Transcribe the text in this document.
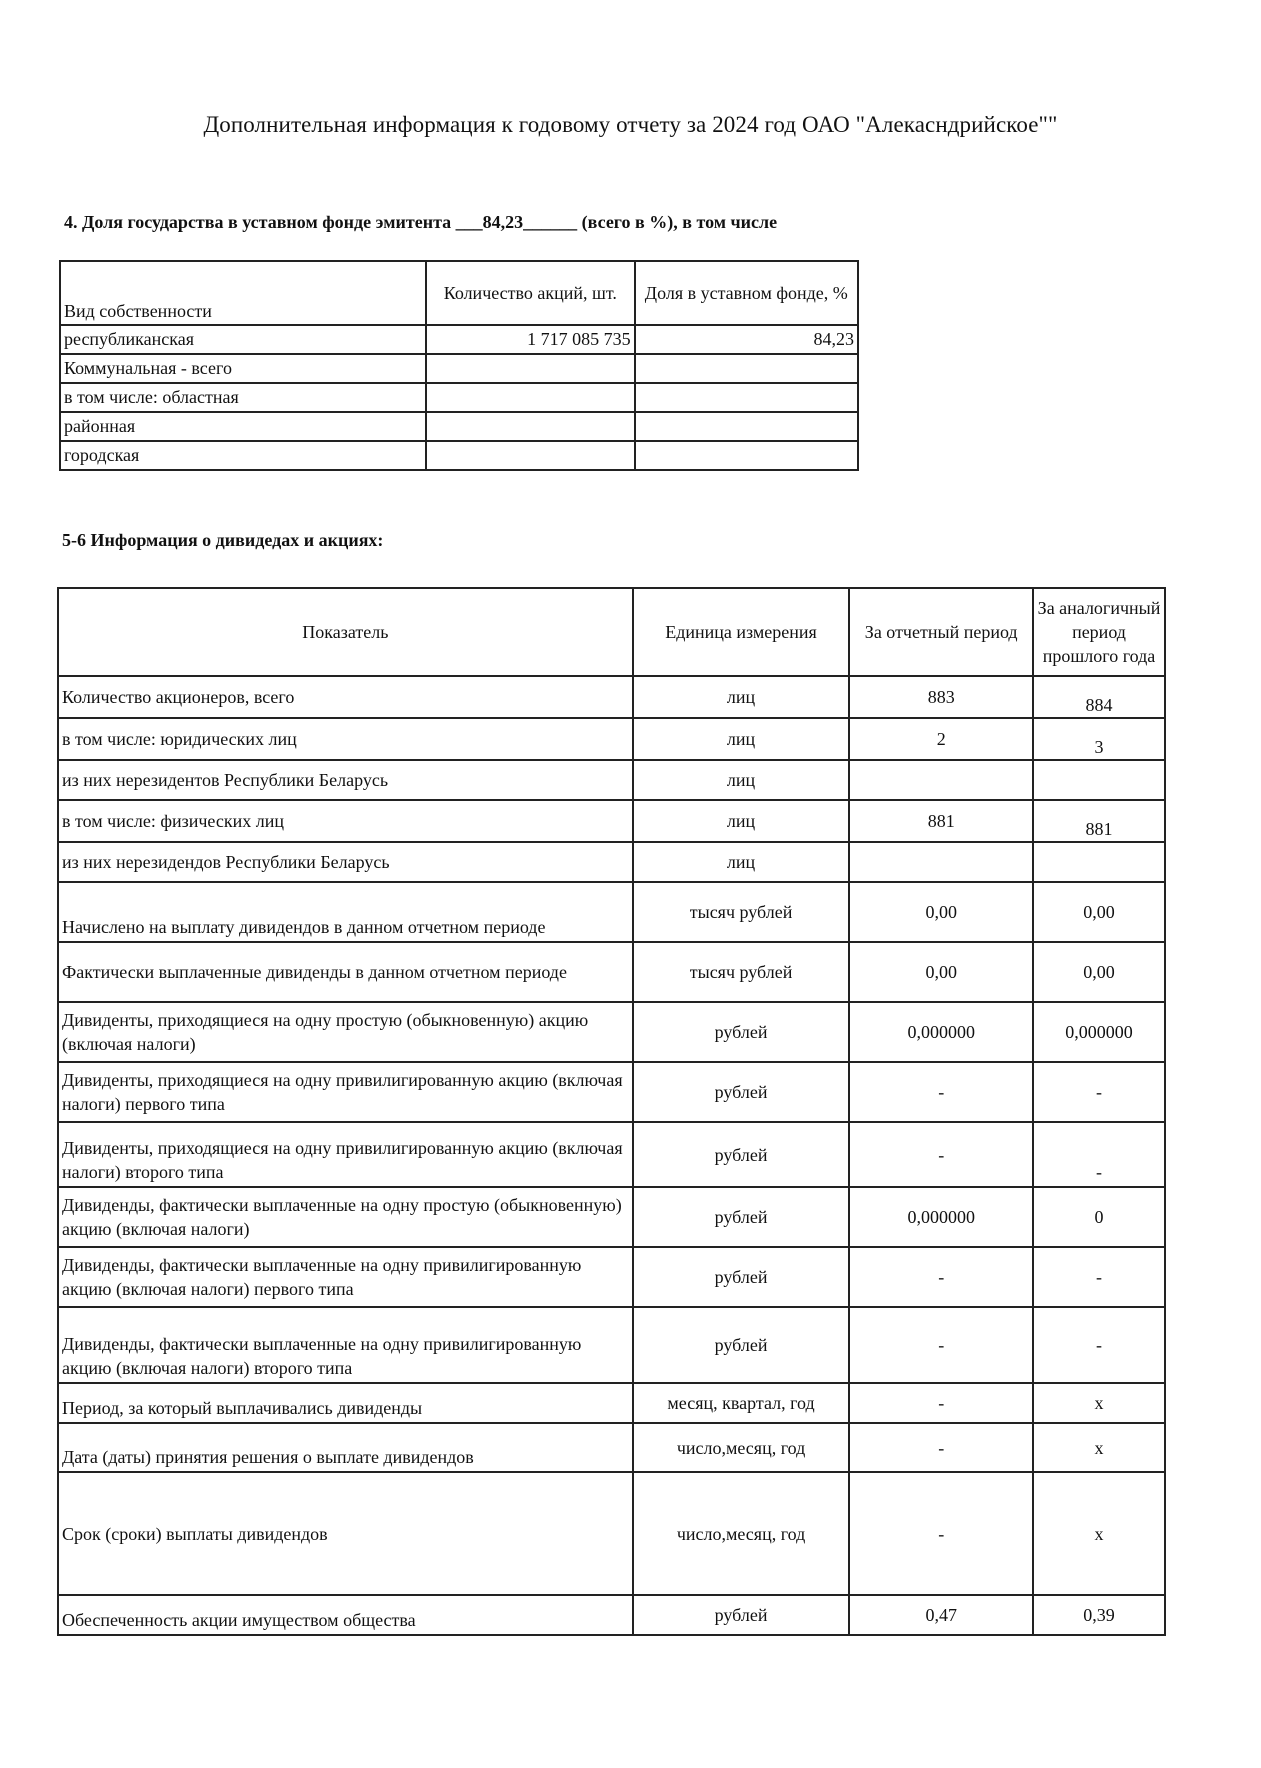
Дополнительная информация к годовому отчету за 2024 год ОАО "Алекасндрийское""
4. Доля государства в уставном фонде эмитента ___84,23______ (всего в %), в том числе
Вид собственности	Количество акций, шт.	Доля в уставном фонде, %
республиканская	1 717 085 735	84,23
Коммунальная - всего		
в том числе: областная		
районная		
городская		
5-6 Информация о дивидедах и акциях:
Показатель	Единица измерения	За отчетный период	За аналогичный период прошлого года
Количество акционеров, всего	лиц	883	884
в том числе: юридических лиц	лиц	2	3
из них нерезидентов Республики Беларусь	лиц		
в том числе: физических лиц	лиц	881	881
из них нерезидендов Республики Беларусь	лиц		
Начислено на выплату дивидендов в данном отчетном периоде	тысяч рублей	0,00	0,00
Фактически выплаченные дивиденды в данном отчетном периоде	тысяч рублей	0,00	0,00
Дивиденты, приходящиеся на одну простую (обыкновенную) акцию (включая налоги)	рублей	0,000000	0,000000
Дивиденты, приходящиеся на одну привилигированную акцию (включая налоги) первого типа	рублей	-	-
Дивиденты, приходящиеся на одну привилигированную акцию (включая налоги) второго типа	рублей	-	-
Дивиденды, фактически выплаченные на одну простую (обыкновенную) акцию (включая налоги)	рублей	0,000000	0
Дивиденды, фактически выплаченные на одну привилигированную акцию (включая налоги) первого типа	рублей	-	-
Дивиденды, фактически выплаченные на одну привилигированную акцию (включая налоги) второго типа	рублей	-	-
Период, за который выплачивались дивиденды	месяц, квартал, год	-	x
Дата (даты) принятия решения о выплате дивидендов	число,месяц, год	-	x
Срок (сроки) выплаты дивидендов	число,месяц, год	-	x
Обеспеченность акции имуществом общества	рублей	0,47	0,39
